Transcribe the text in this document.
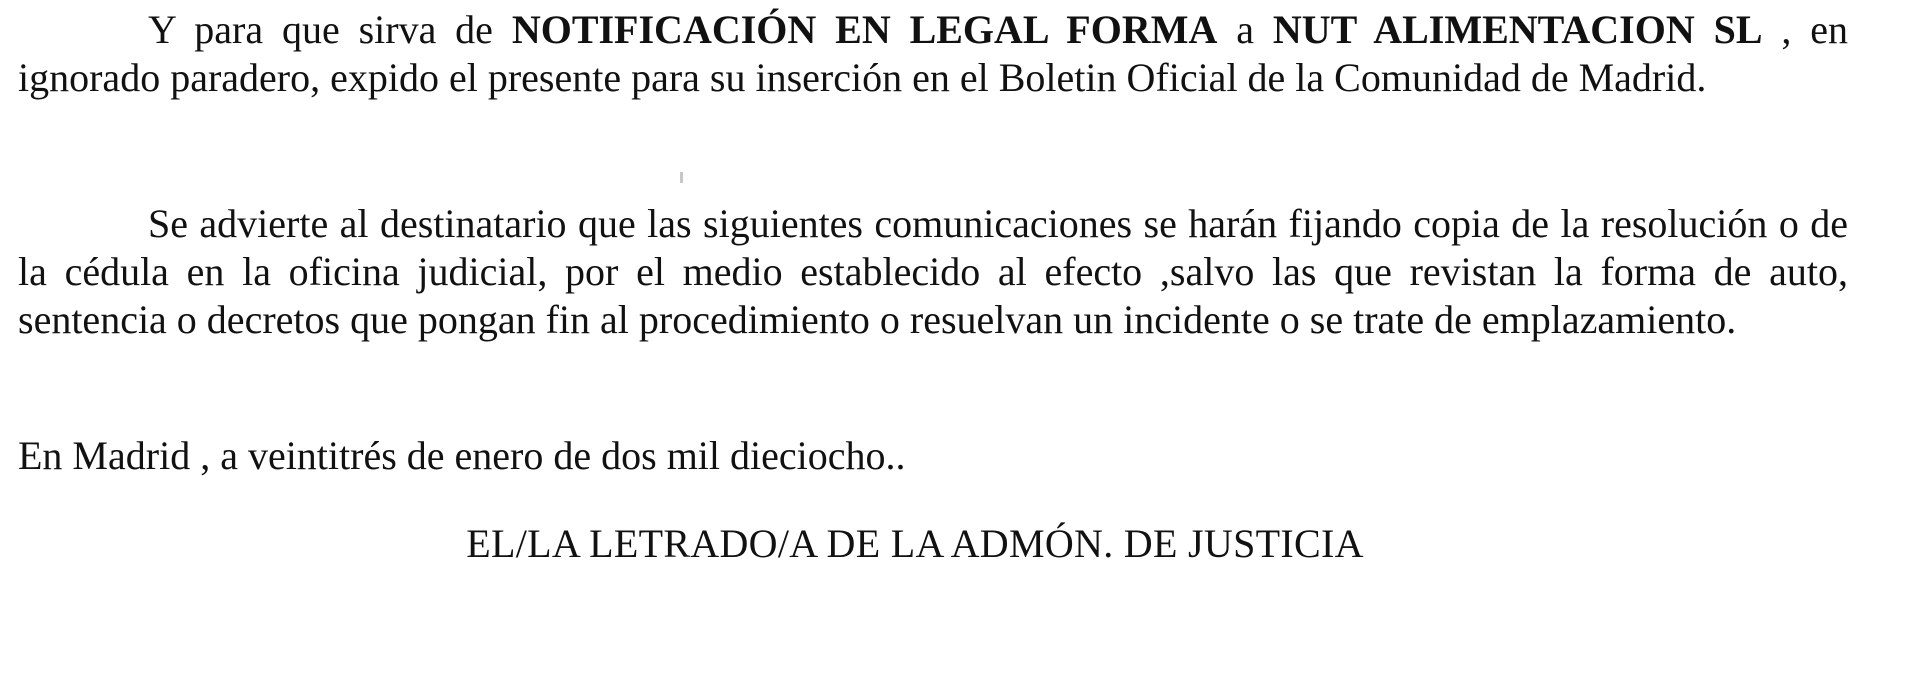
Y para que sirva de NOTIFICACIÓN EN LEGAL FORMA a NUT ALIMENTACION SL , en ignorado paradero, expido el presente para su inserción en el Boletin Oficial de la Comunidad de Madrid.

Se advierte al destinatario que las siguientes comunicaciones se harán fijando copia de la resolución o de la cédula en la oficina judicial, por el medio establecido al efecto ,salvo las que revistan la forma de auto, sentencia o decretos que pongan fin al procedimiento o resuelvan un incidente o se trate de emplazamiento.

En Madrid , a veintitrés de enero de dos mil dieciocho..

EL/LA LETRADO/A DE LA ADMÓN. DE JUSTICIA
